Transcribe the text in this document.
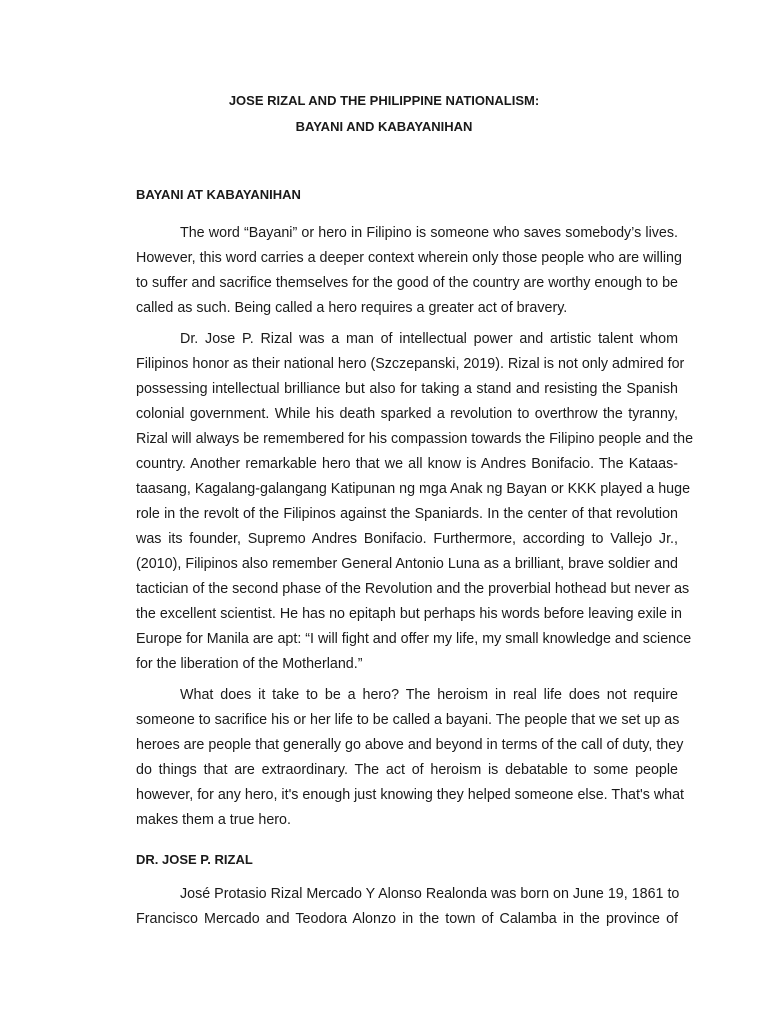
JOSE RIZAL AND THE PHILIPPINE NATIONALISM:
BAYANI AND KABAYANIHAN
BAYANI AT KABAYANIHAN
The word “Bayani” or hero in Filipino is someone who saves somebody’s lives.
However, this word carries a deeper context wherein only those people who are willing
to suffer and sacrifice themselves for the good of the country are worthy enough to be
called as such. Being called a hero requires a greater act of bravery.
Dr. Jose P. Rizal was a man of intellectual power and artistic talent whom
Filipinos honor as their national hero (Szczepanski, 2019). Rizal is not only admired for
possessing intellectual brilliance but also for taking a stand and resisting the Spanish
colonial government. While his death sparked a revolution to overthrow the tyranny,
Rizal will always be remembered for his compassion towards the Filipino people and the
country. Another remarkable hero that we all know is Andres Bonifacio. The Kataas-
taasang, Kagalang-galangang Katipunan ng mga Anak ng Bayan or KKK played a huge
role in the revolt of the Filipinos against the Spaniards. In the center of that revolution
was its founder, Supremo Andres Bonifacio. Furthermore, according to Vallejo Jr.,
(2010), Filipinos also remember General Antonio Luna as a brilliant, brave soldier and
tactician of the second phase of the Revolution and the proverbial hothead but never as
the excellent scientist. He has no epitaph but perhaps his words before leaving exile in
Europe for Manila are apt: “I will fight and offer my life, my small knowledge and science
for the liberation of the Motherland.”
What does it take to be a hero? The heroism in real life does not require
someone to sacrifice his or her life to be called a bayani. The people that we set up as
heroes are people that generally go above and beyond in terms of the call of duty, they
do things that are extraordinary. The act of heroism is debatable to some people
however, for any hero, it's enough just knowing they helped someone else. That's what
makes them a true hero.
DR. JOSE P. RIZAL
José Protasio Rizal Mercado Y Alonso Realonda was born on June 19, 1861 to
Francisco Mercado and Teodora Alonzo in the town of Calamba in the province of
